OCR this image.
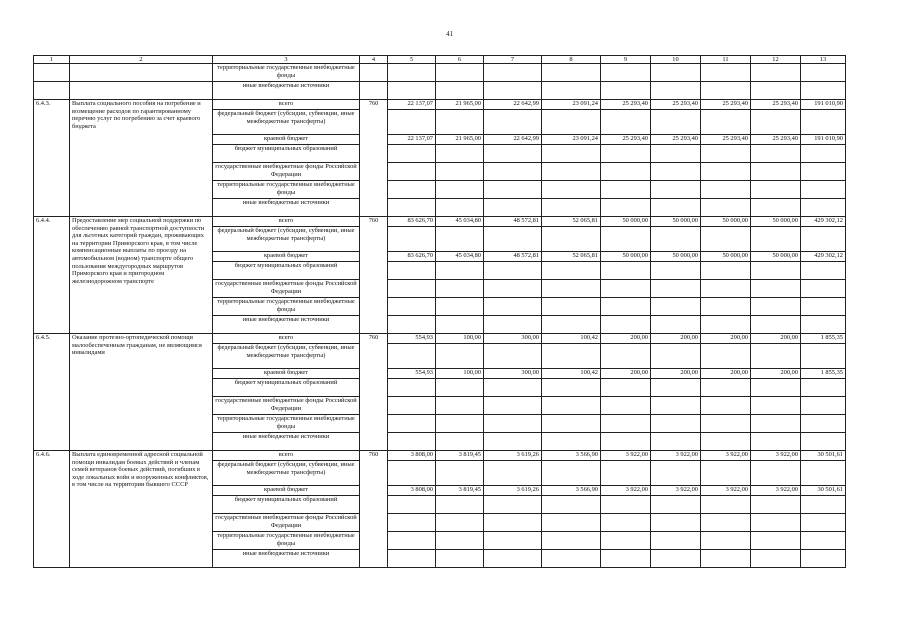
41
1	2	3	4	5	6	7	8	9	10	11	12	13
		территориальные государственные внебюджетные фонды										
		иные внебюджетные источники										
6.4.3.	Выплата социального пособия на погребение и возмещение расходов по гарантированному перечню услуг по погребению за счет краевого бюджета	всего	760	22 137,07	21 965,00	22 642,99	23 091,24	25 293,40	25 293,40	25 293,40	25 293,40	191 010,90
		федеральный бюджет (субсидии, субвенции, иные межбюджетные трансферты)										
		краевой бюджет		22 137,07	21 965,00	22 642,99	23 091,24	25 293,40	25 293,40	25 293,40	25 293,40	191 010,90
		бюджет муниципальных образований										
		государственные внебюджетные фонды Российской Федерации										
		территориальные государственные внебюджетные фонды										
		иные внебюджетные источники										
6.4.4.	Предоставление мер социальной поддержки по обеспечению равной транспортной доступности для льготных категорий граждан, проживающих на территории Приморского края, в том числе компенсационные выплаты по проезду на автомобильном (водном) транспорте общего пользования междугородных маршрутов Приморского края и пригородном железнодорожном транспорте	всего	760	83 626,70	45 034,80	48 572,81	52 065,81	50 000,00	50 000,00	50 000,00	50 000,00	429 302,12
		федеральный бюджет (субсидии, субвенции, иные межбюджетные трансферты)										
		краевой бюджет		83 626,70	45 034,80	48 572,81	52 065,81	50 000,00	50 000,00	50 000,00	50 000,00	429 302,12
		бюджет муниципальных образований										
		государственные внебюджетные фонды Российской Федерации										
		территориальные государственные внебюджетные фонды										
		иные внебюджетные источники										
6.4.5.	Оказание протезно-ортопедической помощи малообеспеченным гражданам, не являющимся инвалидами	всего	760	554,93	100,00	300,00	100,42	200,00	200,00	200,00	200,00	1 855,35
		федеральный бюджет (субсидии, субвенции, иные межбюджетные трансферты)										
		краевой бюджет		554,93	100,00	300,00	100,42	200,00	200,00	200,00	200,00	1 855,35
		бюджет муниципальных образований										
		государственные внебюджетные фонды Российской Федерации										
		территориальные государственные внебюджетные фонды										
		иные внебюджетные источники										
6.4.6.	Выплата единовременной адресной социальной помощи инвалидам боевых действий и членам семей ветеранов боевых действий, погибших в ходе локальных войн и вооруженных конфликтов, в том числе на территории бывшего СССР	всего	760	3 808,00	3 819,45	3 619,26	3 566,90	3 922,00	3 922,00	3 922,00	3 922,00	30 501,61
		федеральный бюджет (субсидии, субвенции, иные межбюджетные трансферты)										
		краевой бюджет		3 808,00	3 819,45	3 619,26	3 566,90	3 922,00	3 922,00	3 922,00	3 922,00	30 501,61
		бюджет муниципальных образований										
		государственные внебюджетные фонды Российской Федерации										
		территориальные государственные внебюджетные фонды										
		иные внебюджетные источники										
